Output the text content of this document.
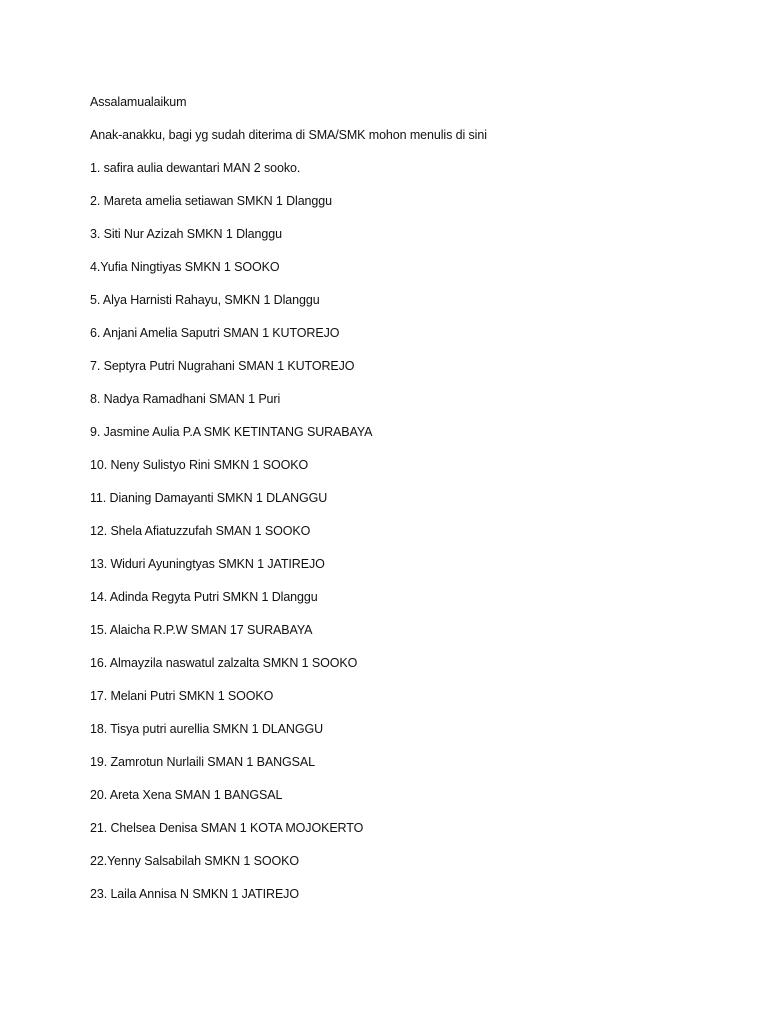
Assalamualaikum
Anak-anakku, bagi yg sudah diterima di SMA/SMK mohon menulis di sini
1. safira aulia dewantari MAN 2 sooko.
2. Mareta amelia setiawan SMKN 1 Dlanggu
3. Siti Nur Azizah SMKN 1 Dlanggu
4.Yufia Ningtiyas SMKN 1 SOOKO
5. Alya Harnisti Rahayu, SMKN 1 Dlanggu
6. Anjani Amelia Saputri SMAN 1 KUTOREJO
7. Septyra Putri Nugrahani SMAN 1 KUTOREJO
8. Nadya Ramadhani SMAN 1 Puri
9. Jasmine Aulia P.A SMK KETINTANG SURABAYA
10. Neny Sulistyo Rini SMKN 1 SOOKO
11. Dianing Damayanti SMKN 1 DLANGGU
12. Shela Afiatuzzufah SMAN 1 SOOKO
13. Widuri Ayuningtyas SMKN 1 JATIREJO
14. Adinda Regyta Putri SMKN 1 Dlanggu
15. Alaicha R.P.W SMAN 17 SURABAYA
16. Almayzila naswatul zalzalta SMKN 1 SOOKO
17. Melani Putri SMKN 1 SOOKO
18. Tisya putri aurellia SMKN 1 DLANGGU
19. Zamrotun Nurlaili SMAN 1 BANGSAL
20. Areta Xena SMAN 1 BANGSAL
21. Chelsea Denisa SMAN 1 KOTA MOJOKERTO
22.Yenny Salsabilah SMKN 1 SOOKO
23. Laila Annisa N SMKN 1 JATIREJO
